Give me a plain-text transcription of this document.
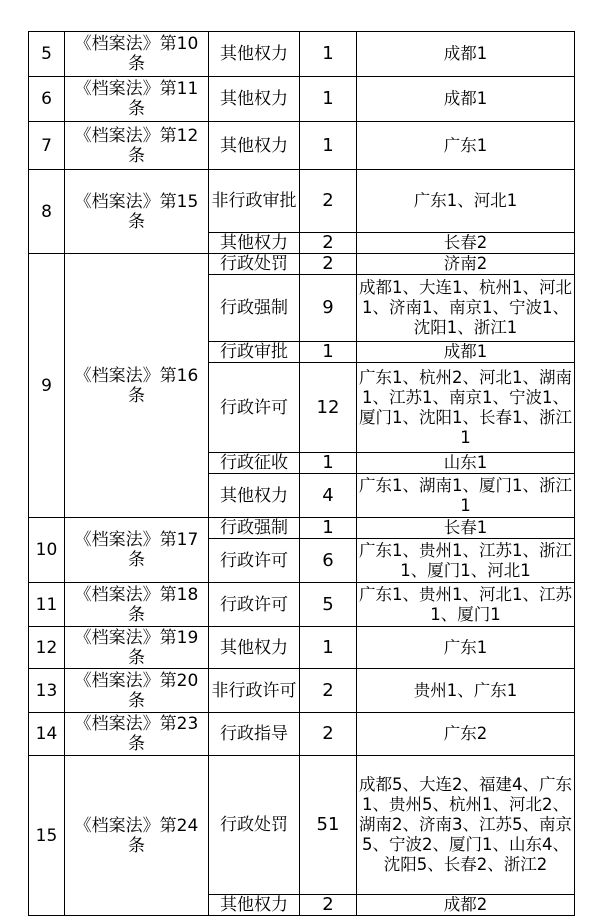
5	《档案法》第10条	其他权力	1	成都1
6	《档案法》第11条	其他权力	1	成都1
7	《档案法》第12条	其他权力	1	广东1
8	《档案法》第15条	非行政审批	2	广东1、河北1
		其他权力	2	长春2
9	《档案法》第16条	行政处罚	2	济南2
		行政强制	9	成都1、大连1、杭州1、河北1、济南1、南京1、宁波1、沈阳1、浙江1
		行政审批	1	成都1
		行政许可	12	广东1、杭州2、河北1、湖南1、江苏1、南京1、宁波1、厦门1、沈阳1、长春1、浙江1
		行政征收	1	山东1
		其他权力	4	广东1、湖南1、厦门1、浙江1
10	《档案法》第17条	行政强制	1	长春1
		行政许可	6	广东1、贵州1、江苏1、浙江1、厦门1、河北1
11	《档案法》第18条	行政许可	5	广东1、贵州1、河北1、江苏1、厦门1
12	《档案法》第19条	其他权力	1	广东1
13	《档案法》第20条	非行政许可	2	贵州1、广东1
14	《档案法》第23条	行政指导	2	广东2
15	《档案法》第24条	行政处罚	51	成都5、大连2、福建4、广东1、贵州5、杭州1、河北2、湖南2、济南3、江苏5、南京5、宁波2、厦门1、山东4、沈阳5、长春2、浙江2
		其他权力	2	成都2
